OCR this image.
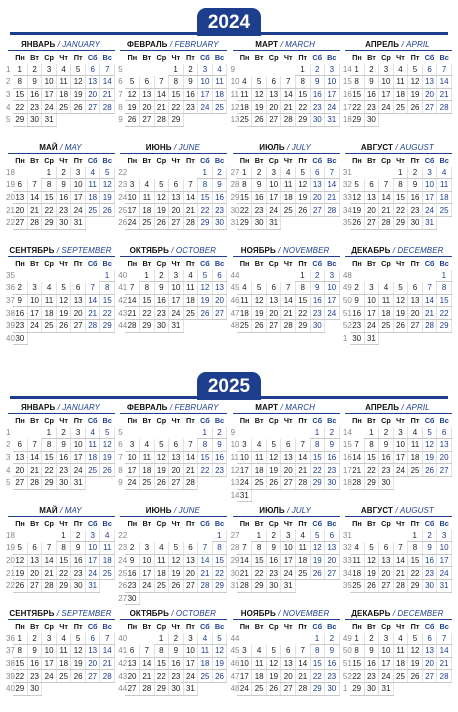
2024
ЯНВАРЬ / JANUARY
	Пн	Вт	Ср	Чт	Пт	Сб	Вс
1	1	2	3	4	5	6	7
2	8	9	10	11	12	13	14
3	15	16	17	18	19	20	21
4	22	23	24	25	26	27	28
5	29	30	31				
ФЕВРАЛЬ / FEBRUARY
	Пн	Вт	Ср	Чт	Пт	Сб	Вс
5				1	2	3	4
6	5	6	7	8	9	10	11
7	12	13	14	15	16	17	18
8	19	20	21	22	23	24	25
9	26	27	28	29			
МАРТ / MARCH
	Пн	Вт	Ср	Чт	Пт	Сб	Вс
9					1	2	3
10	4	5	6	7	8	9	10
11	11	12	13	14	15	16	17
12	18	19	20	21	22	23	24
13	25	26	27	28	29	30	31
АПРЕЛЬ / APRIL
	Пн	Вт	Ср	Чт	Пт	Сб	Вс
14	1	2	3	4	5	6	7
15	8	9	10	11	12	13	14
16	15	16	17	18	19	20	21
17	22	23	24	25	26	27	28
18	29	30					
МАЙ / MAY
	Пн	Вт	Ср	Чт	Пт	Сб	Вс
18			1	2	3	4	5
19	6	7	8	9	10	11	12
20	13	14	15	16	17	18	19
21	20	21	22	23	24	25	26
22	27	28	29	30	31		
ИЮНЬ / JUNE
	Пн	Вт	Ср	Чт	Пт	Сб	Вс
22						1	2
23	3	4	5	6	7	8	9
24	10	11	12	13	14	15	16
25	17	18	19	20	21	22	23
26	24	25	26	27	28	29	30
ИЮЛЬ / JULY
	Пн	Вт	Ср	Чт	Пт	Сб	Вс
27	1	2	3	4	5	6	7
28	8	9	10	11	12	13	14
29	15	16	17	18	19	20	21
30	22	23	24	25	26	27	28
31	29	30	31				
АВГУСТ / AUGUST
	Пн	Вт	Ср	Чт	Пт	Сб	Вс
31				1	2	3	4
32	5	6	7	8	9	10	11
33	12	13	14	15	16	17	18
34	19	20	21	22	23	24	25
35	26	27	28	29	30	31	
СЕНТЯБРЬ / SEPTEMBER
	Пн	Вт	Ср	Чт	Пт	Сб	Вс
35							1
36	2	3	4	5	6	7	8
37	9	10	11	12	13	14	15
38	16	17	18	19	20	21	22
39	23	24	25	26	27	28	29
40	30						
ОКТЯБРЬ / OCTOBER
	Пн	Вт	Ср	Чт	Пт	Сб	Вс
40		1	2	3	4	5	6
41	7	8	9	10	11	12	13
42	14	15	16	17	18	19	20
43	21	22	23	24	25	26	27
44	28	29	30	31			
НОЯБРЬ / NOVEMBER
	Пн	Вт	Ср	Чт	Пт	Сб	Вс
44					1	2	3
45	4	5	6	7	8	9	10
46	11	12	13	14	15	16	17
47	18	19	20	21	22	23	24
48	25	26	27	28	29	30	
ДЕКАБРЬ / DECEMBER
	Пн	Вт	Ср	Чт	Пт	Сб	Вс
48							1
49	2	3	4	5	6	7	8
50	9	10	11	12	13	14	15
51	16	17	18	19	20	21	22
52	23	24	25	26	27	28	29
1	30	31					
2025
ЯНВАРЬ / JANUARY
	Пн	Вт	Ср	Чт	Пт	Сб	Вс
1			1	2	3	4	5
2	6	7	8	9	10	11	12
3	13	14	15	16	17	18	19
4	20	21	22	23	24	25	26
5	27	28	29	30	31		
ФЕВРАЛЬ / FEBRUARY
	Пн	Вт	Ср	Чт	Пт	Сб	Вс
5						1	2
6	3	4	5	6	7	8	9
7	10	11	12	13	14	15	16
8	17	18	19	20	21	22	23
9	24	25	26	27	28		
МАРТ / MARCH
	Пн	Вт	Ср	Чт	Пт	Сб	Вс
9						1	2
10	3	4	5	6	7	8	9
11	10	11	12	13	14	15	16
12	17	18	19	20	21	22	23
13	24	25	26	27	28	29	30
14	31						
АПРЕЛЬ / APRIL
	Пн	Вт	Ср	Чт	Пт	Сб	Вс
14		1	2	3	4	5	6
15	7	8	9	10	11	12	13
16	14	15	16	17	18	19	20
17	21	22	23	24	25	26	27
18	28	29	30				
МАЙ / MAY
	Пн	Вт	Ср	Чт	Пт	Сб	Вс
18				1	2	3	4
19	5	6	7	8	9	10	11
20	12	13	14	15	16	17	18
21	19	20	21	22	23	24	25
22	26	27	28	29	30	31	
ИЮНЬ / JUNE
	Пн	Вт	Ср	Чт	Пт	Сб	Вс
22							1
23	2	3	4	5	6	7	8
24	9	10	11	12	13	14	15
25	16	17	18	19	20	21	22
26	23	24	25	26	27	28	29
27	30						
ИЮЛЬ / JULY
	Пн	Вт	Ср	Чт	Пт	Сб	Вс
27		1	2	3	4	5	6
28	7	8	9	10	11	12	13
29	14	15	16	17	18	19	20
30	21	22	23	24	25	26	27
31	28	29	30	31			
АВГУСТ / AUGUST
	Пн	Вт	Ср	Чт	Пт	Сб	Вс
31					1	2	3
32	4	5	6	7	8	9	10
33	11	12	13	14	15	16	17
34	18	19	20	21	22	23	24
35	25	26	27	28	29	30	31
СЕНТЯБРЬ / SEPTEMBER
	Пн	Вт	Ср	Чт	Пт	Сб	Вс
36	1	2	3	4	5	6	7
37	8	9	10	11	12	13	14
38	15	16	17	18	19	20	21
39	22	23	24	25	26	27	28
40	29	30					
ОКТЯБРЬ / OCTOBER
	Пн	Вт	Ср	Чт	Пт	Сб	Вс
40			1	2	3	4	5
41	6	7	8	9	10	11	12
42	13	14	15	16	17	18	19
43	20	21	22	23	24	25	26
44	27	28	29	30	31		
НОЯБРЬ / NOVEMBER
	Пн	Вт	Ср	Чт	Пт	Сб	Вс
44						1	2
45	3	4	5	6	7	8	9
46	10	11	12	13	14	15	16
47	17	18	19	20	21	22	23
48	24	25	26	27	28	29	30
ДЕКАБРЬ / DECEMBER
	Пн	Вт	Ср	Чт	Пт	Сб	Вс
49	1	2	3	4	5	6	7
50	8	9	10	11	12	13	14
51	15	16	17	18	19	20	21
52	22	23	24	25	26	27	28
1	29	30	31				
